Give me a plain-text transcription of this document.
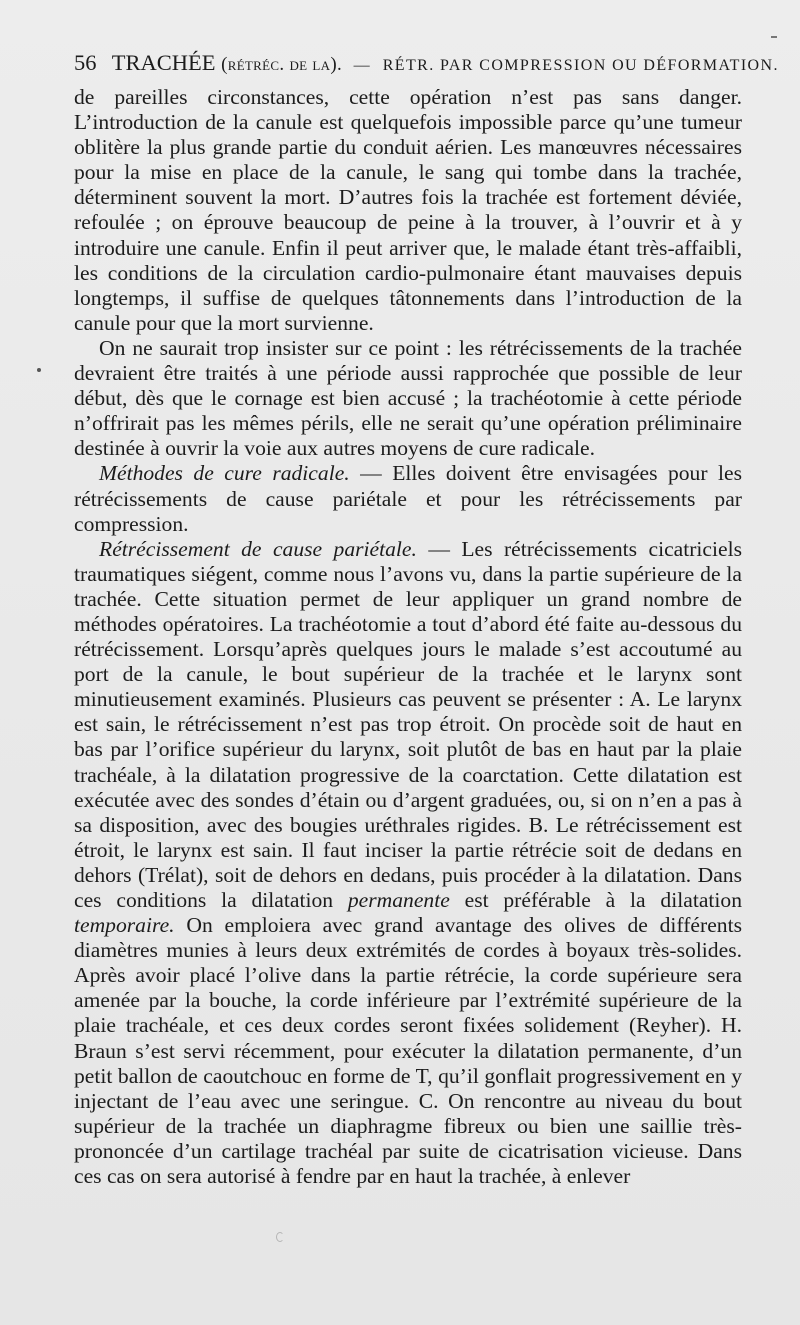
56 TRACHÉE (rétréc. de la). — RÉTR. PAR COMPRESSION OU DÉFORMATION.

de pareilles circonstances, cette opération n’est pas sans danger. L’introduction de la canule est quelquefois impossible parce qu’une tumeur oblitère la plus grande partie du conduit aérien. Les manœuvres nécessaires pour la mise en place de la canule, le sang qui tombe dans la trachée, déterminent souvent la mort. D’autres fois la trachée est fortement déviée, refoulée ; on éprouve beaucoup de peine à la trouver, à l’ouvrir et à y introduire une canule. Enfin il peut arriver que, le malade étant très-affaibli, les conditions de la circulation cardio-pulmonaire étant mauvaises depuis longtemps, il suffise de quelques tâtonnements dans l’introduction de la canule pour que la mort survienne.

On ne saurait trop insister sur ce point : les rétrécissements de la trachée devraient être traités à une période aussi rapprochée que possible de leur début, dès que le cornage est bien accusé ; la trachéotomie à cette période n’offrirait pas les mêmes périls, elle ne serait qu’une opération préliminaire destinée à ouvrir la voie aux autres moyens de cure radicale.

Méthodes de cure radicale. — Elles doivent être envisagées pour les rétrécissements de cause pariétale et pour les rétrécissements par compression.

Rétrécissement de cause pariétale. — Les rétrécissements cicatriciels traumatiques siégent, comme nous l’avons vu, dans la partie supérieure de la trachée. Cette situation permet de leur appliquer un grand nombre de méthodes opératoires. La trachéotomie a tout d’abord été faite au-dessous du rétrécissement. Lorsqu’après quelques jours le malade s’est accoutumé au port de la canule, le bout supérieur de la trachée et le larynx sont minutieusement examinés. Plusieurs cas peuvent se présenter : A. Le larynx est sain, le rétrécissement n’est pas trop étroit. On procède soit de haut en bas par l’orifice supérieur du larynx, soit plutôt de bas en haut par la plaie trachéale, à la dilatation progressive de la coarctation. Cette dilatation est exécutée avec des sondes d’étain ou d’argent graduées, ou, si on n’en a pas à sa disposition, avec des bougies uréthrales rigides. B. Le rétrécissement est étroit, le larynx est sain. Il faut inciser la partie rétrécie soit de dedans en dehors (Trélat), soit de dehors en dedans, puis procéder à la dilatation. Dans ces conditions la dilatation permanente est préférable à la dilatation temporaire. On emploiera avec grand avantage des olives de différents diamètres munies à leurs deux extrémités de cordes à boyaux très-solides. Après avoir placé l’olive dans la partie rétrécie, la corde supérieure sera amenée par la bouche, la corde inférieure par l’extrémité supérieure de la plaie trachéale, et ces deux cordes seront fixées solidement (Reyher). H. Braun s’est servi récemment, pour exécuter la dilatation permanente, d’un petit ballon de caoutchouc en forme de T, qu’il gonflait progressivement en y injectant de l’eau avec une seringue. C. On rencontre au niveau du bout supérieur de la trachée un diaphragme fibreux ou bien une saillie très-prononcée d’un cartilage trachéal par suite de cicatrisation vicieuse. Dans ces cas on sera autorisé à fendre par en haut la trachée, à enlever
